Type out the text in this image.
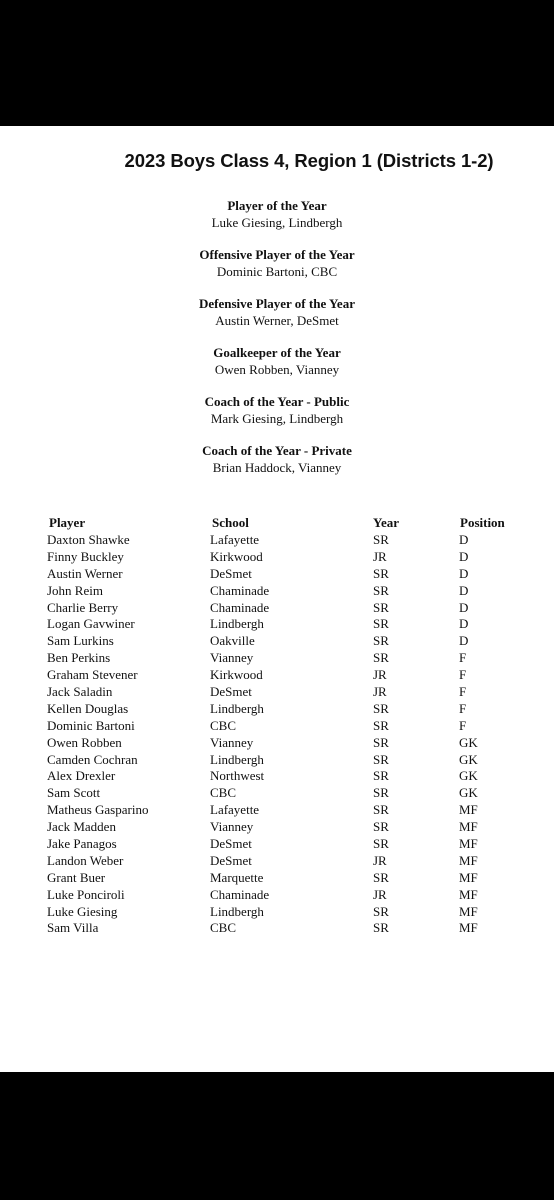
2023 Boys Class 4, Region 1 (Districts 1-2)
Player of the Year
Luke Giesing, Lindbergh
Offensive Player of the Year
Dominic Bartoni, CBC
Defensive Player of the Year
Austin Werner, DeSmet
Goalkeeper of the Year
Owen Robben, Vianney
Coach of the Year - Public
Mark Giesing, Lindbergh
Coach of the Year - Private
Brian Haddock, Vianney
Player	School	Year	Position
Daxton Shawke	Lafayette	SR	D
Finny Buckley	Kirkwood	JR	D
Austin Werner	DeSmet	SR	D
John Reim	Chaminade	SR	D
Charlie Berry	Chaminade	SR	D
Logan Gavwiner	Lindbergh	SR	D
Sam Lurkins	Oakville	SR	D
Ben Perkins	Vianney	SR	F
Graham Stevener	Kirkwood	JR	F
Jack Saladin	DeSmet	JR	F
Kellen Douglas	Lindbergh	SR	F
Dominic Bartoni	CBC	SR	F
Owen Robben	Vianney	SR	GK
Camden Cochran	Lindbergh	SR	GK
Alex Drexler	Northwest	SR	GK
Sam Scott	CBC	SR	GK
Matheus Gasparino	Lafayette	SR	MF
Jack Madden	Vianney	SR	MF
Jake Panagos	DeSmet	SR	MF
Landon Weber	DeSmet	JR	MF
Grant Buer	Marquette	SR	MF
Luke Ponciroli	Chaminade	JR	MF
Luke Giesing	Lindbergh	SR	MF
Sam Villa	CBC	SR	MF
